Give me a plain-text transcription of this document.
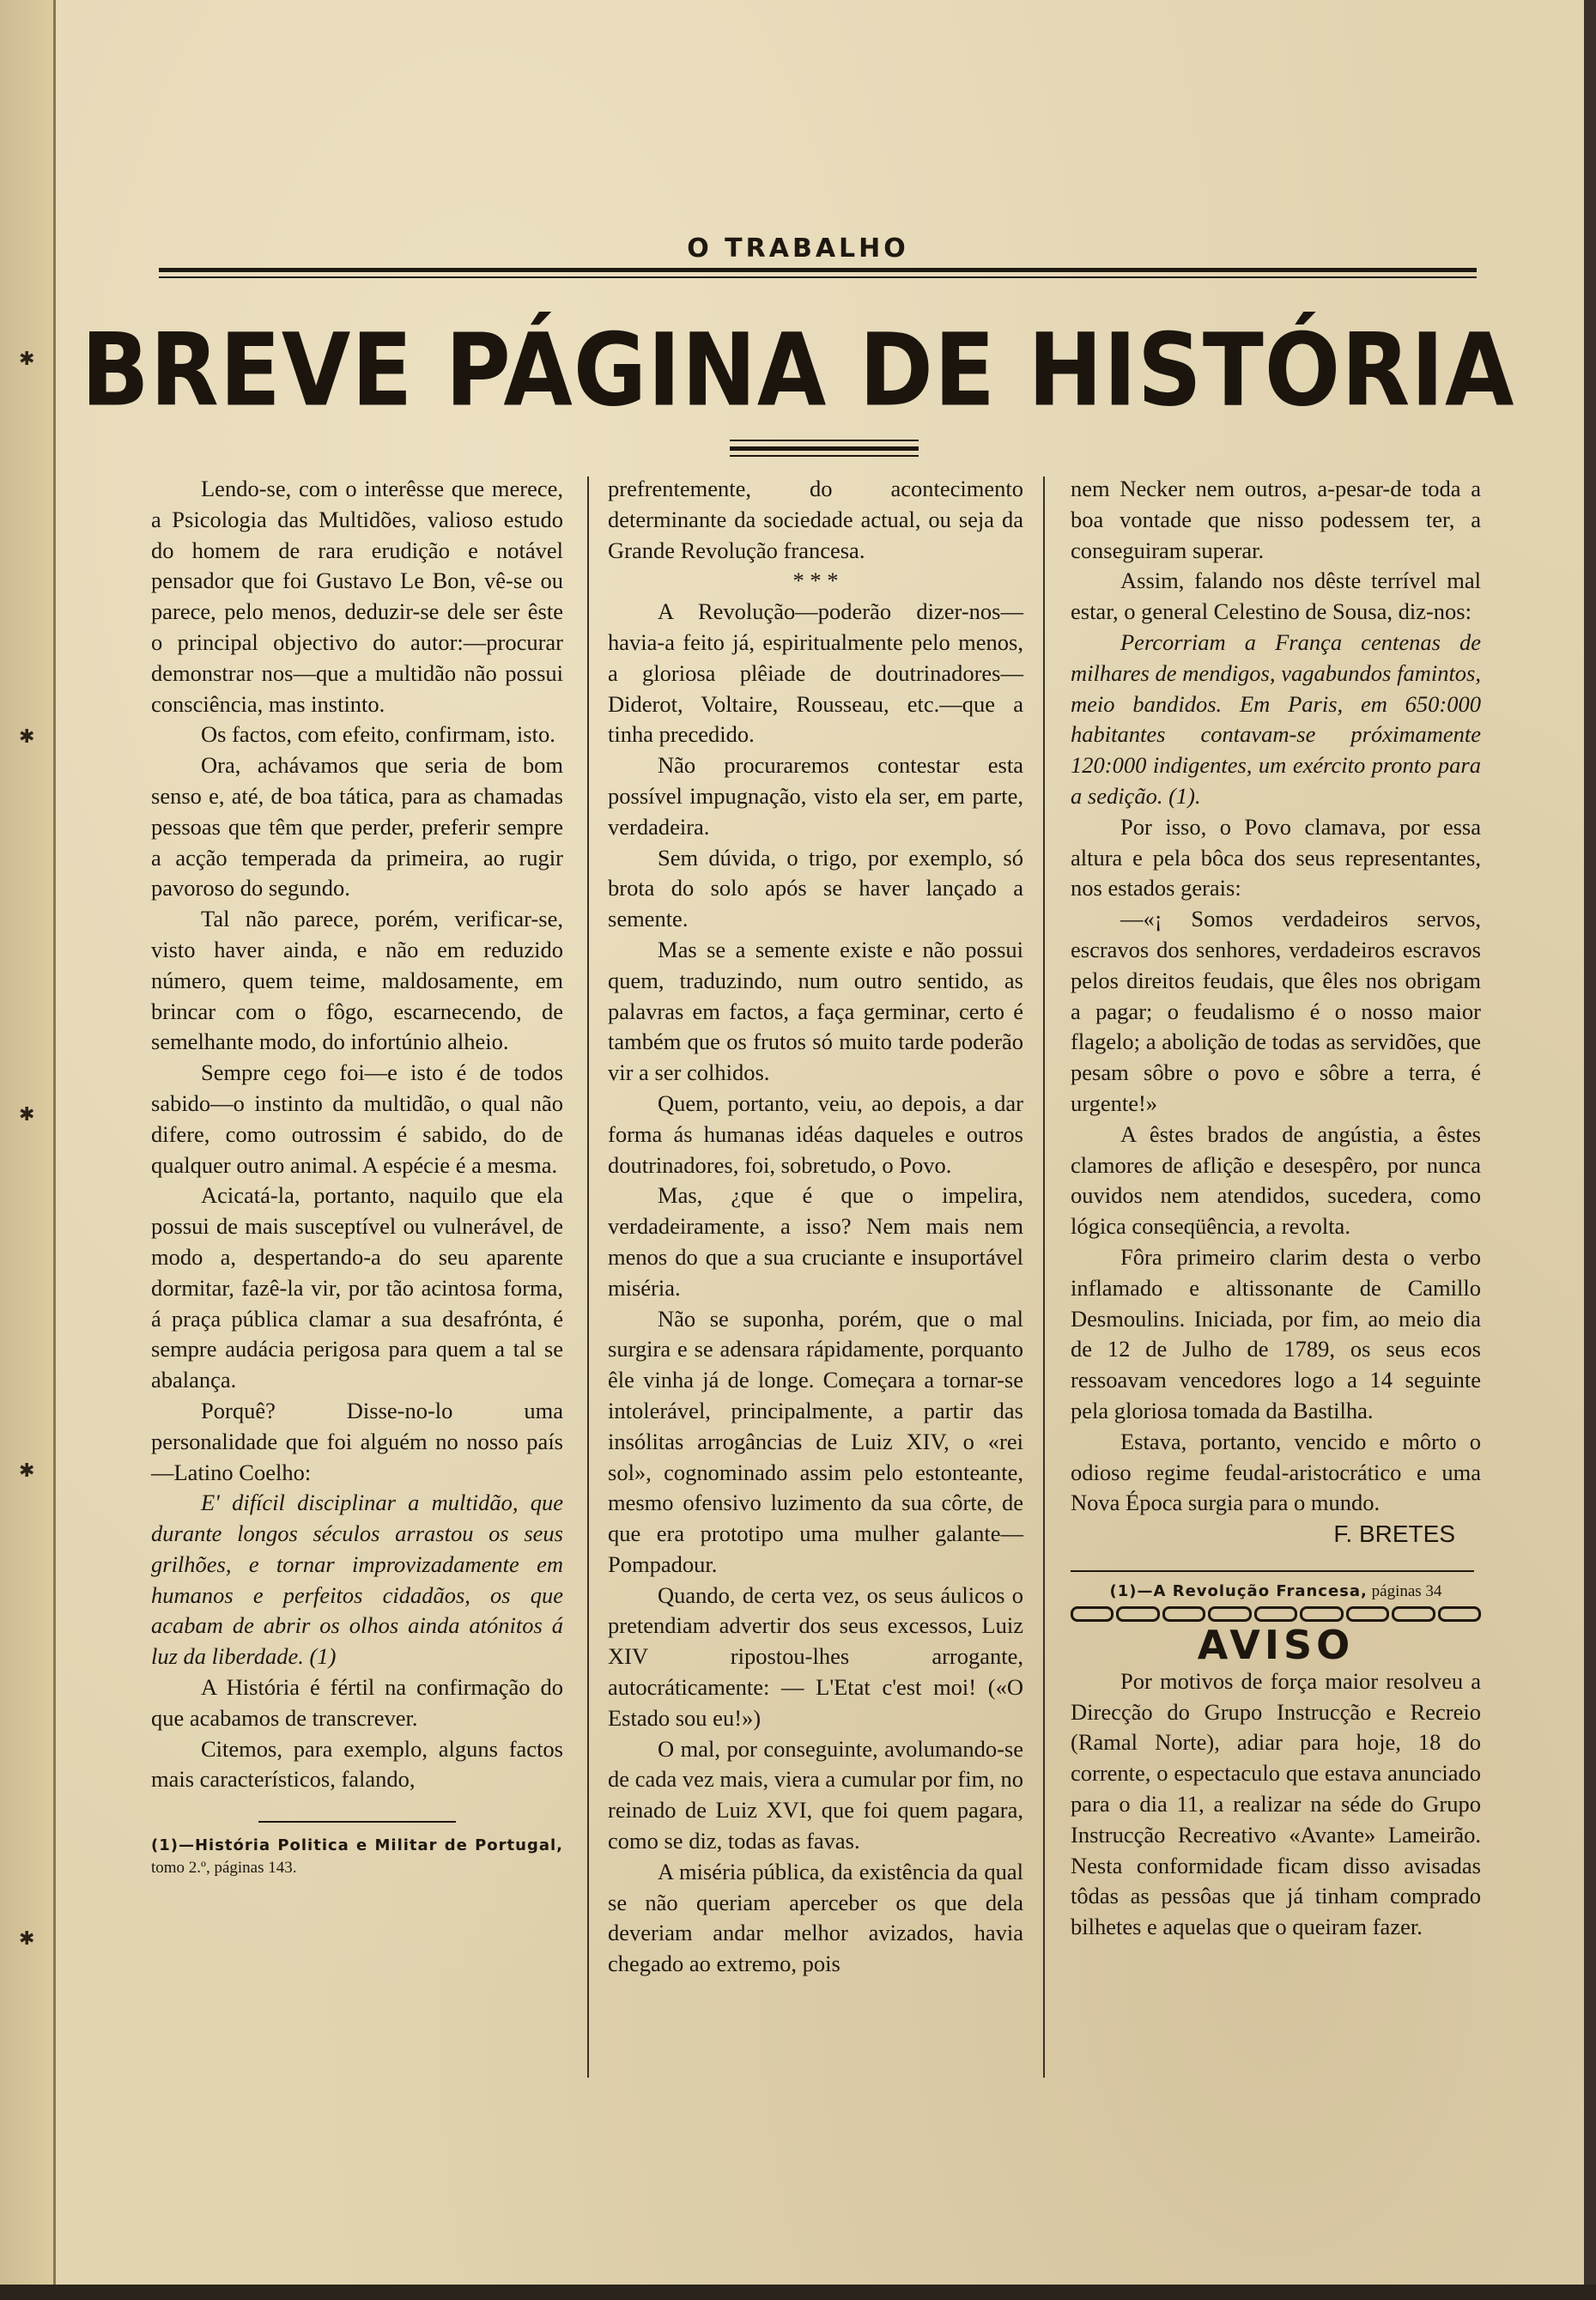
✱
✱
✱
✱
✱
O TRABALHO
BREVE PÁGINA DE HISTÓRIA

Lendo-se, com o interêsse que merece, a Psicologia das Multidões, valioso estudo do homem de rara erudição e notável pensador que foi Gustavo Le Bon, vê-se ou parece, pelo menos, deduzir-se dele ser êste o principal objectivo do autor:—procurar demonstrar nos—que a multidão não possui consciência, mas instinto.

Os factos, com efeito, confirmam, isto.

Ora, achávamos que seria de bom senso e, até, de boa tática, para as chamadas pessoas que têm que perder, preferir sempre a acção temperada da primeira, ao rugir pavoroso do segundo.

Tal não parece, porém, verificar-se, visto haver ainda, e não em reduzido número, quem teime, maldosamente, em brincar com o fôgo, escarnecendo, de semelhante modo, do infortúnio alheio.

Sempre cego foi—e isto é de todos sabido—o instinto da multidão, o qual não difere, como outrossim é sabido, do de qualquer outro animal. A espécie é a mesma.

Acicatá-la, portanto, naquilo que ela possui de mais susceptível ou vulnerável, de modo a, despertando-a do seu aparente dormitar, fazê-la vir, por tão acintosa forma, á praça pública clamar a sua desafrónta, é sempre audácia perigosa para quem a tal se abalança.

Porquê? Disse-no-lo uma personalidade que foi alguém no nosso país—Latino Coelho:

E' difícil disciplinar a multidão, que durante longos séculos arrastou os seus grilhões, e tornar improvizadamente em humanos e perfeitos cidadãos, os que acabam de abrir os olhos ainda atónitos á luz da liberdade. (1)

A História é fértil na confirmação do que acabamos de transcrever.

Citemos, para exemplo, alguns factos mais característicos, falando,

(1)—História Politica e Militar de Portugal, tomo 2.º, páginas 143.

prefrentemente, do acontecimento determinante da sociedade actual, ou seja da Grande Revolução francesa.

* * *

A Revolução—poderão dizer-nos—havia-a feito já, espiritualmente pelo menos, a gloriosa plêiade de doutrinadores—Diderot, Voltaire, Rousseau, etc.—que a tinha precedido.

Não procuraremos contestar esta possível impugnação, visto ela ser, em parte, verdadeira.

Sem dúvida, o trigo, por exemplo, só brota do solo após se haver lançado a semente.

Mas se a semente existe e não possui quem, traduzindo, num outro sentido, as palavras em factos, a faça germinar, certo é também que os frutos só muito tarde poderão vir a ser colhidos.

Quem, portanto, veiu, ao depois, a dar forma ás humanas idéas daqueles e outros doutrinadores, foi, sobretudo, o Povo.

Mas, ¿que é que o impelira, verdadeiramente, a isso? Nem mais nem menos do que a sua cruciante e insuportável miséria.

Não se suponha, porém, que o mal surgira e se adensara rápidamente, porquanto êle vinha já de longe. Começara a tornar-se intolerável, principalmente, a partir das insólitas arrogâncias de Luiz XIV, o «rei sol», cognominado assim pelo estonteante, mesmo ofensivo luzimento da sua côrte, de que era prototipo uma mulher galante—Pompadour.

Quando, de certa vez, os seus áulicos o pretendiam advertir dos seus excessos, Luiz XIV ripostou-lhes arrogante, autocráticamente: — L'Etat c'est moi! («O Estado sou eu!»)

O mal, por conseguinte, avolumando-se de cada vez mais, viera a cumular por fim, no reinado de Luiz XVI, que foi quem pagara, como se diz, todas as favas.

A miséria pública, da existência da qual se não queriam aperceber os que dela deveriam andar melhor avizados, havia chegado ao extremo, pois

nem Necker nem outros, a-pesar-de toda a boa vontade que nisso podessem ter, a conseguiram superar.

Assim, falando nos dêste terrível mal estar, o general Celestino de Sousa, diz-nos:

Percorriam a França centenas de milhares de mendigos, vagabundos famintos, meio bandidos. Em Paris, em 650:000 habitantes contavam-se próximamente 120:000 indigentes, um exército pronto para a sedição. (1).

Por isso, o Povo clamava, por essa altura e pela bôca dos seus representantes, nos estados gerais:

—«¡ Somos verdadeiros servos, escravos dos senhores, verdadeiros escravos pelos direitos feudais, que êles nos obrigam a pagar; o feudalismo é o nosso maior flagelo; a abolição de todas as servidões, que pesam sôbre o povo e sôbre a terra, é urgente!»

A êstes brados de angústia, a êstes clamores de aflição e desespêro, por nunca ouvidos nem atendidos, sucedera, como lógica conseqüência, a revolta.

Fôra primeiro clarim desta o verbo inflamado e altissonante de Camillo Desmoulins. Iniciada, por fim, ao meio dia de 12 de Julho de 1789, os seus ecos ressoavam vencedores logo a 14 seguinte pela gloriosa tomada da Bastilha.

Estava, portanto, vencido e môrto o odioso regime feudal-aristocrático e uma Nova Época surgia para o mundo.

F. BRETES
(1)—A Revolução Francesa, páginas 34
AVISO

Por motivos de força maior resolveu a Direcção do Grupo Instrucção e Recreio (Ramal Norte), adiar para hoje, 18 do corrente, o espectaculo que estava anunciado para o dia 11, a realizar na séde do Grupo Instrucção Recreativo «Avante» Lameirão. Nesta conformidade ficam disso avisadas tôdas as pessôas que já tinham comprado bilhetes e aquelas que o queiram fazer.
